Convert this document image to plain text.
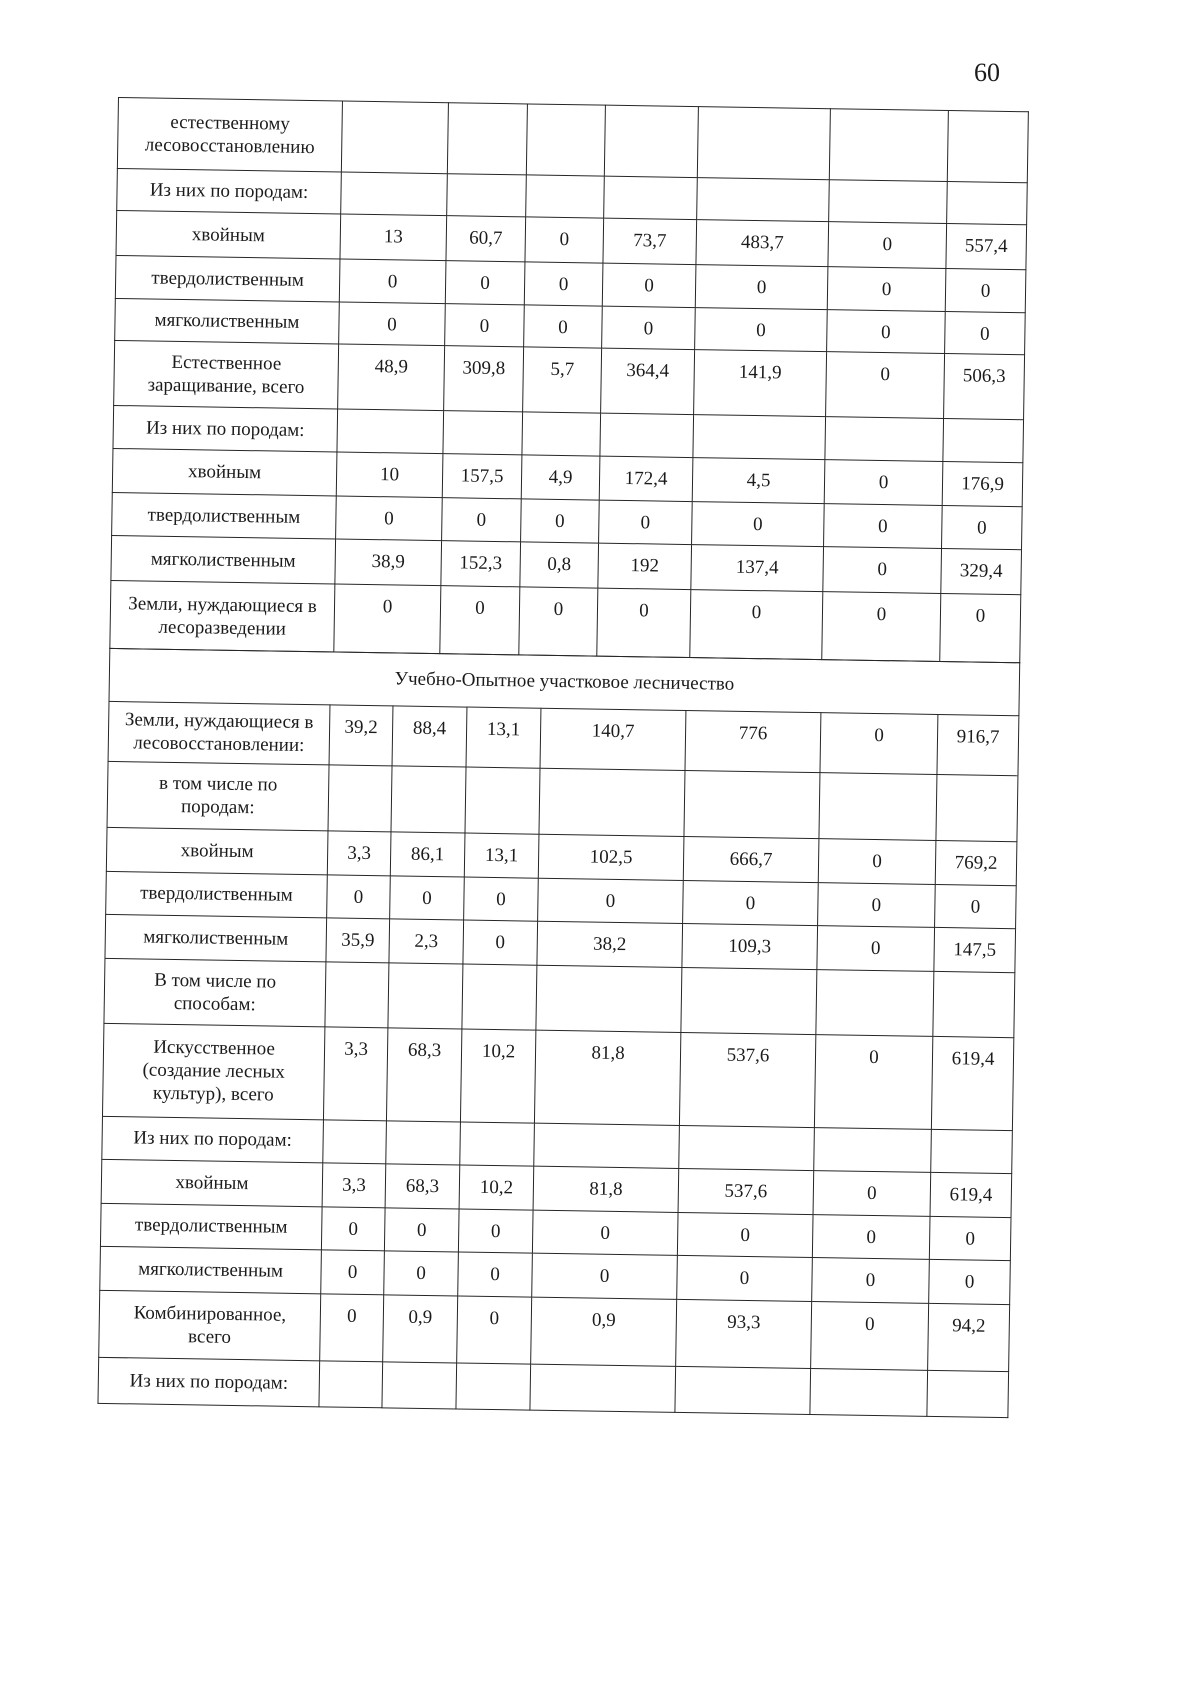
60
естественному
лесовосстановлению							
Из них по породам:							
хвойным	13	60,7	0	73,7	483,7	0	557,4
твердолиственным	0	0	0	0	0	0	0
мягколиственным	0	0	0	0	0	0	0
Естественное
заращивание, всего	48,9	309,8	5,7	364,4	141,9	0	506,3
Из них по породам:							
хвойным	10	157,5	4,9	172,4	4,5	0	176,9
твердолиственным	0	0	0	0	0	0	0
мягколиственным	38,9	152,3	0,8	192	137,4	0	329,4
Земли, нуждающиеся в
лесоразведении	0	0	0	0	0	0	0
Учебно-Опытное участковое лесничество							
Земли, нуждающиеся в
лесовосстановлении:	39,2	88,4	13,1	140,7	776	0	916,7
в том числе по
породам:							
хвойным	3,3	86,1	13,1	102,5	666,7	0	769,2
твердолиственным	0	0	0	0	0	0	0
мягколиственным	35,9	2,3	0	38,2	109,3	0	147,5
В том числе по
способам:							
Искусственное
(создание лесных
культур), всего	3,3	68,3	10,2	81,8	537,6	0	619,4
Из них по породам:							
хвойным	3,3	68,3	10,2	81,8	537,6	0	619,4
твердолиственным	0	0	0	0	0	0	0
мягколиственным	0	0	0	0	0	0	0
Комбинированное,
всего	0	0,9	0	0,9	93,3	0	94,2
Из них по породам:							
